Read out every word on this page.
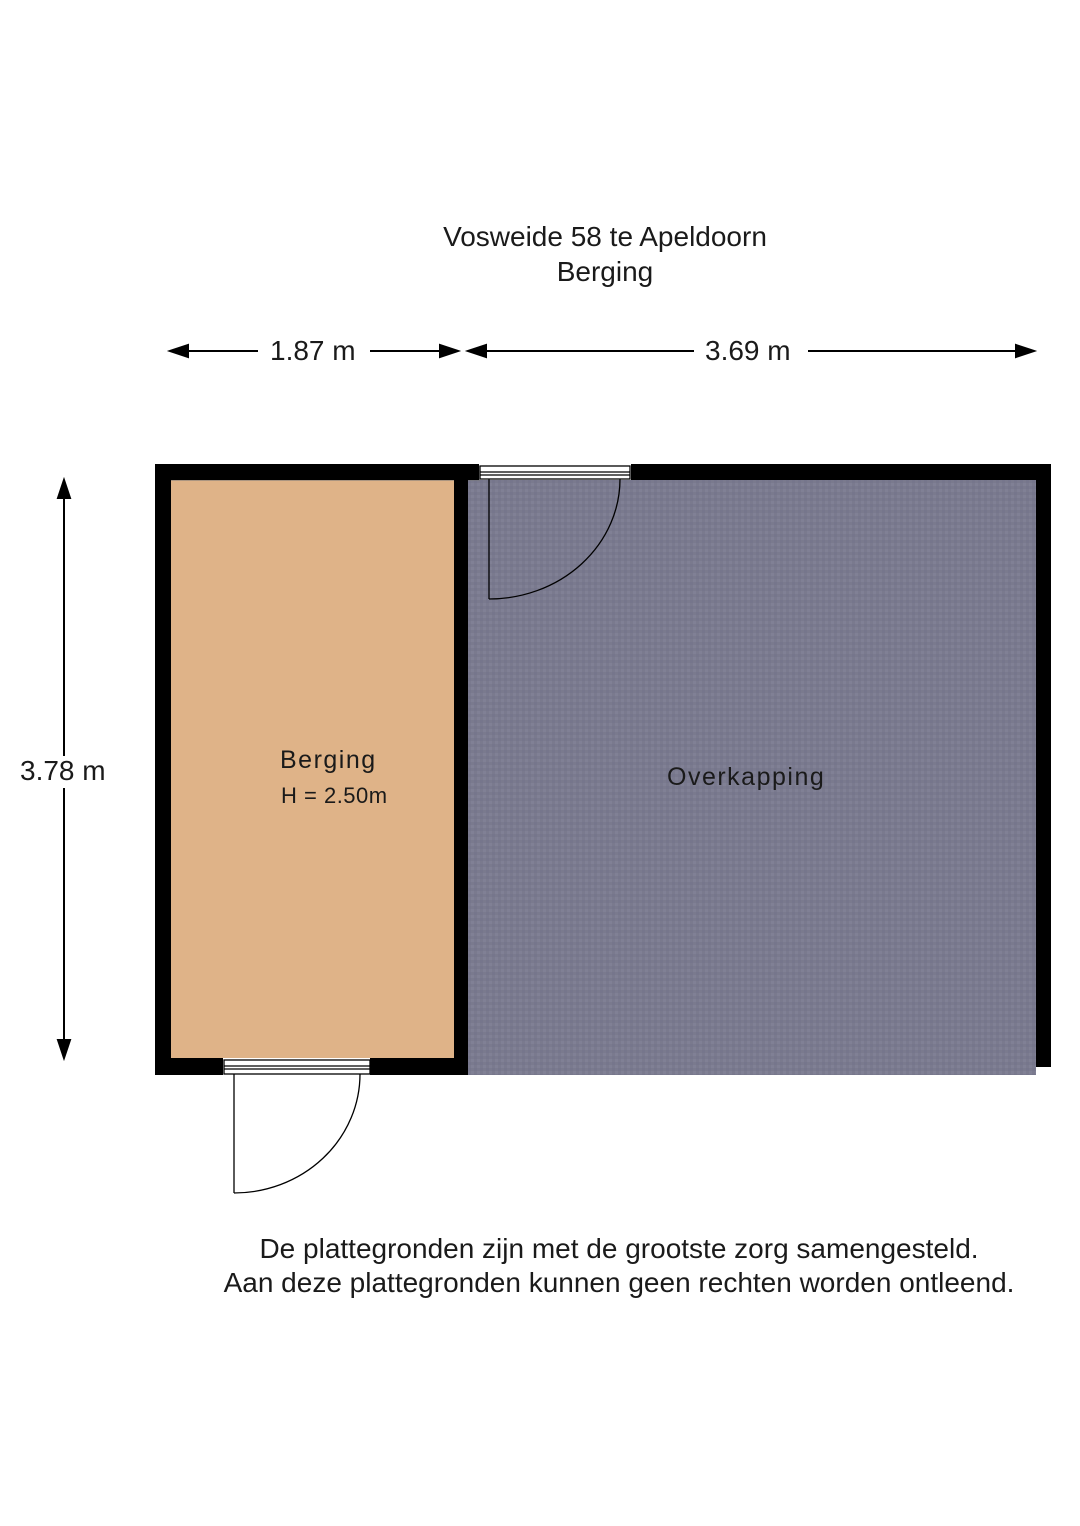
Vosweide 58 te Apeldoorn
Berging
1.87 m	3.69 m
3.78 m	Berging
H = 2.50m
Overkapping
De plattegronden zijn met de grootste zorg samengesteld.
Aan deze plattegronden kunnen geen rechten worden ontleend.
